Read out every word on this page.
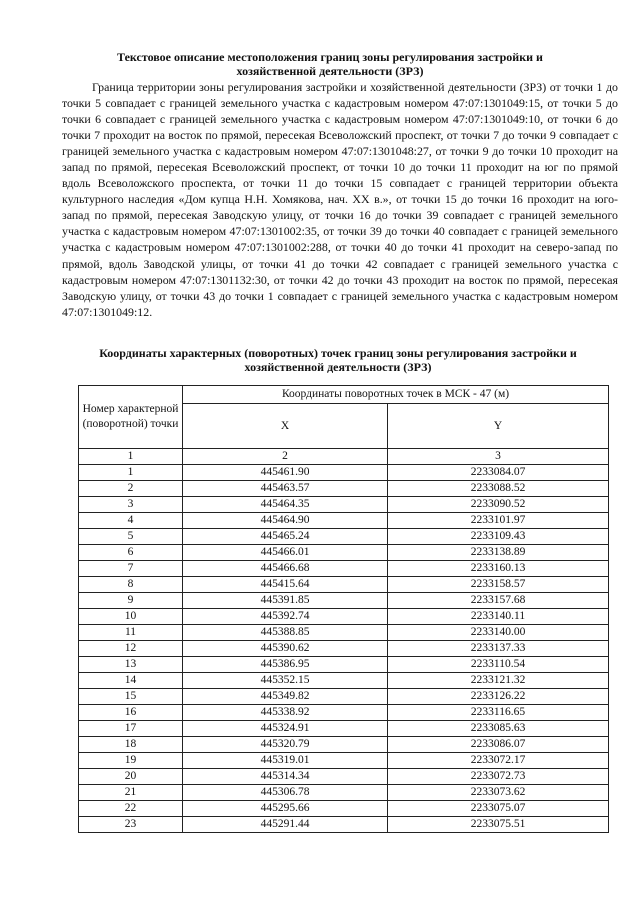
Текстовое описание местоположения границ зоны регулирования застройки и
хозяйственной деятельности (ЗРЗ)

Граница территории зоны регулирования застройки и хозяйственной деятельности (ЗРЗ) от точки 1 до точки 5 совпадает с границей земельного участка с кадастровым номером 47:07:1301049:15, от точки 5 до точки 6 совпадает с границей земельного участка с кадастровым номером 47:07:1301049:10, от точки 6 до точки 7 проходит на восток по прямой, пересекая Всеволожский проспект, от точки 7 до точки 9 совпадает с границей земельного участка с кадастровым номером 47:07:1301048:27, от точки 9 до точки 10 проходит на запад по прямой, пересекая Всеволожский проспект, от точки 10 до точки 11 проходит на юг по прямой вдоль Всеволожского проспекта, от точки 11 до точки 15 совпадает с границей территории объекта культурного наследия «Дом купца Н.Н. Хомякова, нач. XX в.», от точки 15 до точки 16 проходит на юго-запад по прямой, пересекая Заводскую улицу, от точки 16 до точки 39 совпадает с границей земельного участка с кадастровым номером 47:07:1301002:35, от точки 39 до точки 40 совпадает с границей земельного участка с кадастровым номером 47:07:1301002:288, от точки 40 до точки 41 проходит на северо-запад по прямой, вдоль Заводской улицы, от точки 41 до точки 42 совпадает с границей земельного участка с кадастровым номером 47:07:1301132:30, от точки 42 до точки 43 проходит на восток по прямой, пересекая Заводскую улицу, от точки 43 до точки 1 совпадает с границей земельного участка с кадастровым номером 47:07:1301049:12.

Координаты характерных (поворотных) точек границ зоны регулирования застройки и
хозяйственной деятельности (ЗРЗ)
Номер характерной (поворотной) точки	Координаты поворотных точек в МСК - 47 (м)	
	X	Y
1	2	3
1	445461.90	2233084.07
2	445463.57	2233088.52
3	445464.35	2233090.52
4	445464.90	2233101.97
5	445465.24	2233109.43
6	445466.01	2233138.89
7	445466.68	2233160.13
8	445415.64	2233158.57
9	445391.85	2233157.68
10	445392.74	2233140.11
11	445388.85	2233140.00
12	445390.62	2233137.33
13	445386.95	2233110.54
14	445352.15	2233121.32
15	445349.82	2233126.22
16	445338.92	2233116.65
17	445324.91	2233085.63
18	445320.79	2233086.07
19	445319.01	2233072.17
20	445314.34	2233072.73
21	445306.78	2233073.62
22	445295.66	2233075.07
23	445291.44	2233075.51
